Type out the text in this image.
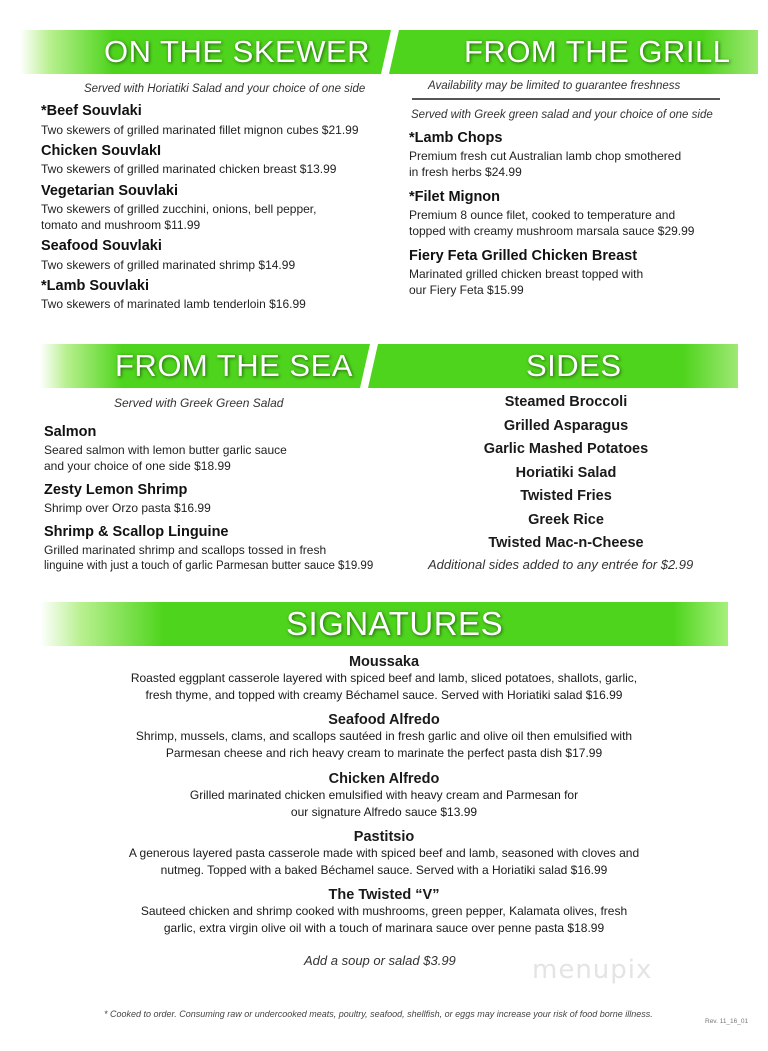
ON THE SKEWER	FROM THE GRILL
Served with Horiatiki Salad and your choice of one side
*Beef Souvlaki
Two skewers of grilled marinated fillet mignon cubes $21.99
Chicken SouvlakI
Two skewers of grilled marinated chicken breast $13.99
Vegetarian Souvlaki
Two skewers of grilled zucchini, onions, bell pepper,
tomato and mushroom $11.99
Seafood Souvlaki
Two skewers of grilled marinated shrimp $14.99
*Lamb Souvlaki
Two skewers of marinated lamb tenderloin $16.99
Availability may be limited to guarantee freshness
Served with Greek green salad and your choice of one side
*Lamb Chops
Premium fresh cut Australian lamb chop smothered
in fresh herbs $24.99
*Filet Mignon
Premium 8 ounce filet, cooked to temperature and
topped with creamy mushroom marsala sauce $29.99
Fiery Feta Grilled Chicken Breast
Marinated grilled chicken breast topped with
our Fiery Feta $15.99
FROM THE SEA	SIDES
Served with Greek Green Salad
Salmon
Seared salmon with lemon butter garlic sauce
and your choice of one side $18.99
Zesty Lemon Shrimp
Shrimp over Orzo pasta $16.99
Shrimp & Scallop Linguine
Grilled marinated shrimp and scallops tossed in fresh
linguine with just a touch of garlic Parmesan butter sauce $19.99
Steamed Broccoli
Grilled Asparagus
Garlic Mashed Potatoes
Horiatiki Salad
Twisted Fries
Greek Rice
Twisted Mac-n-Cheese
Additional sides added to any entrée for $2.99
SIGNATURES
Moussaka
Roasted eggplant casserole layered with spiced beef and lamb, sliced potatoes, shallots, garlic,
fresh thyme, and topped with creamy Béchamel sauce. Served with Horiatiki salad $16.99
Seafood Alfredo
Shrimp, mussels, clams, and scallops sautéed in fresh garlic and olive oil then emulsified with
Parmesan cheese and rich heavy cream to marinate the perfect pasta dish $17.99
Chicken Alfredo
Grilled marinated chicken emulsified with heavy cream and Parmesan for
our signature Alfredo sauce $13.99
Pastitsio
A generous layered pasta casserole made with spiced beef and lamb, seasoned with cloves and
nutmeg. Topped with a baked Béchamel sauce. Served with a Horiatiki salad $16.99
The Twisted “V”
Sauteed chicken and shrimp cooked with mushrooms, green pepper, Kalamata olives, fresh
garlic, extra virgin olive oil with a touch of marinara sauce over penne pasta $18.99
Add a soup or salad $3.99	menupix
* Cooked to order. Consuming raw or undercooked meats, poultry, seafood, shellfish, or eggs may increase your risk of food borne illness.
Rev. 11_16_01
